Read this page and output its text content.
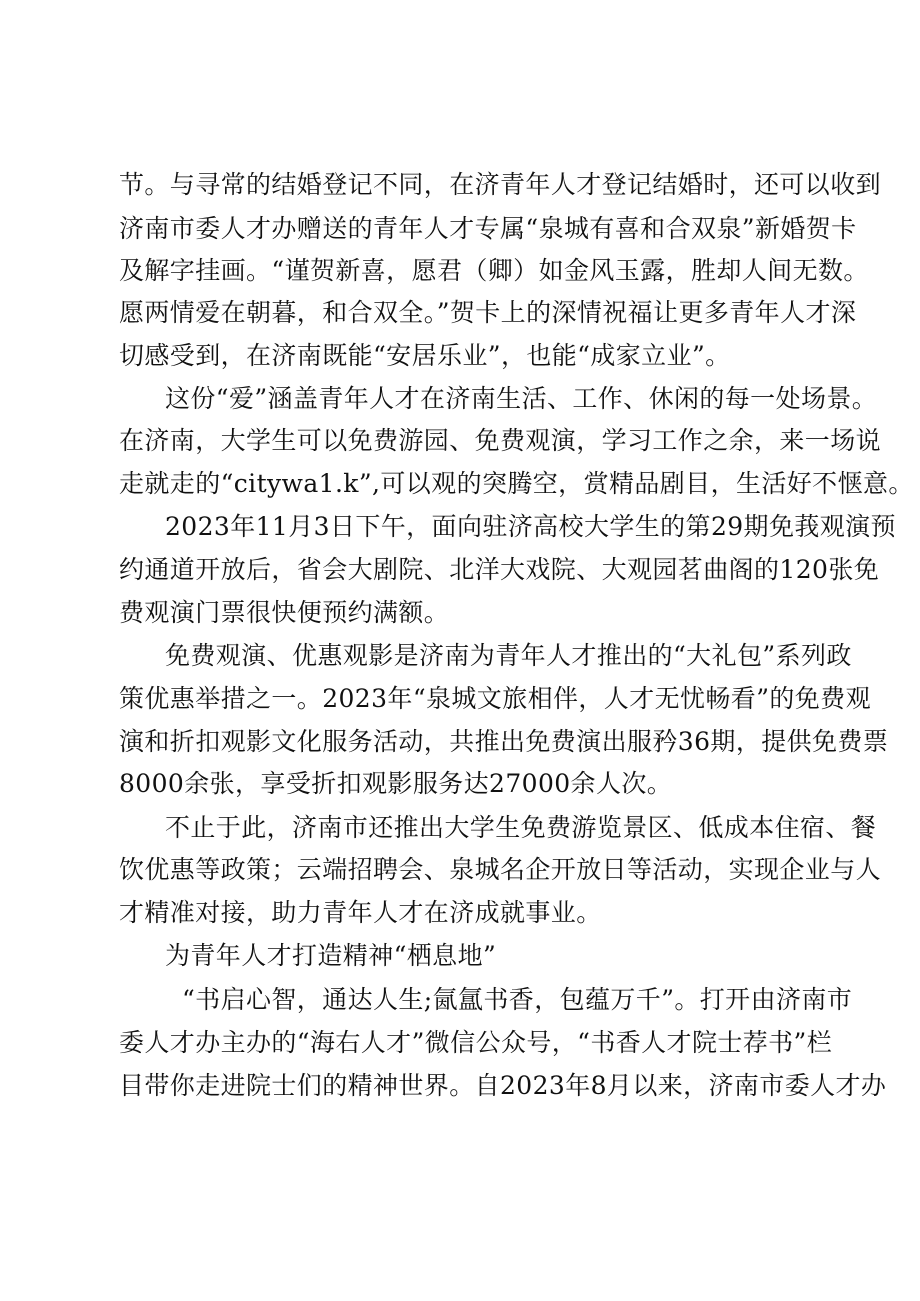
节。与寻常的结婚登记不同，在济青年人才登记结婚时，还可以收到
济南市委人才办赠送的青年人才专属“泉城有喜和合双泉”新婚贺卡
及解字挂画。“谨贺新喜，愿君（卿）如金风玉露，胜却人间无数。
愿两情爱在朝暮，和合双全。”贺卡上的深情祝福让更多青年人才深
切感受到，在济南既能“安居乐业”，也能“成家立业”。
这份“爱”涵盖青年人才在济南生活、工作、休闲的每一处场景。
在济南，大学生可以免费游园、免费观演，学习工作之余，来一场说
走就走的“citywa1.k”,可以观的突腾空，赏精品剧目，生活好不惬意。
2023年11月3日下午，面向驻济高校大学生的第29期免莪观演预
约通道开放后，省会大剧院、北洋大戏院、大观园茗曲阁的120张免
费观演门票很快便预约满额。
免费观演、优惠观影是济南为青年人才推出的“大礼包”系列政
策优惠举措之一。2023年“泉城文旅相伴，人才无忧畅看”的免费观
演和折扣观影文化服务活动，共推出免费演出服矜36期，提供免费票
8000余张，享受折扣观影服务达27000余人次。
不止于此，济南市还推出大学生免费游览景区、低成本住宿、餐
饮优惠等政策；云端招聘会、泉城名企开放日等活动，实现企业与人
才精准对接，助力青年人才在济成就事业。
为青年人才打造精神“栖息地”
“书启心智，通达人生;氤氲书香，包蕴万千”。打开由济南市
委人才办主办的“海右人才”微信公众号，“书香人才院士荐书”栏
目带你走进院士们的精神世界。自2023年8月以来，济南市委人才办
